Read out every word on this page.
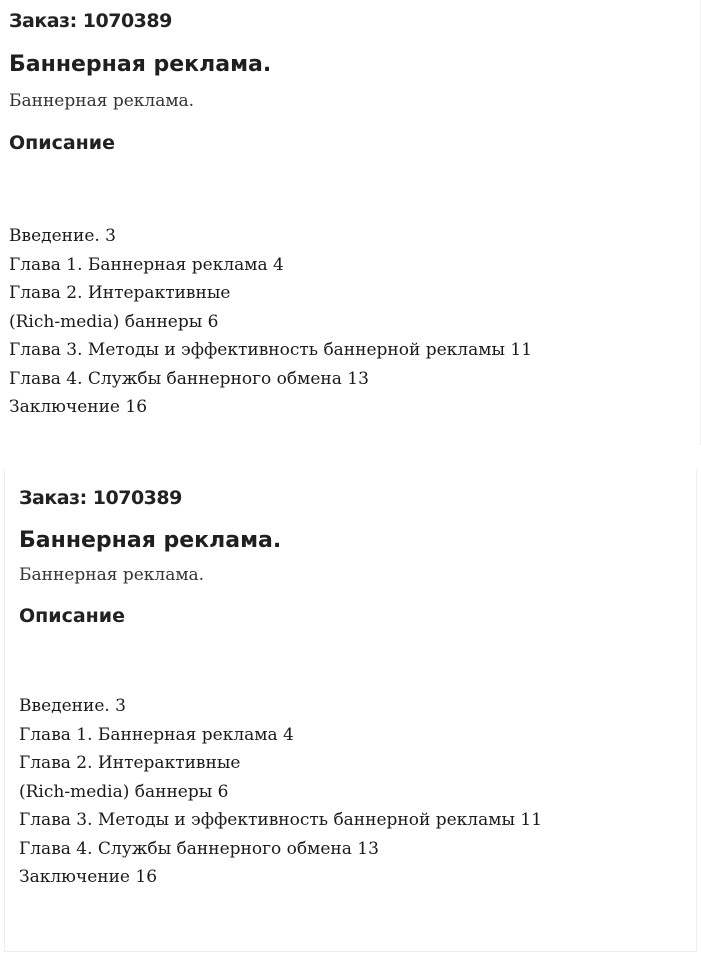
Заказ: 1070389

Баннерная реклама.

Баннерная реклама.

Описание
Введение. 3
Глава 1. Баннерная реклама 4
Глава 2. Интерактивные
(Rich-media) баннеры 6
Глава 3. Методы и эффективность баннерной рекламы 11
Глава 4. Службы баннерного обмена 13
Заключение 16

Заказ: 1070389

Баннерная реклама.

Баннерная реклама.

Описание
Введение. 3
Глава 1. Баннерная реклама 4
Глава 2. Интерактивные
(Rich-media) баннеры 6
Глава 3. Методы и эффективность баннерной рекламы 11
Глава 4. Службы баннерного обмена 13
Заключение 16
